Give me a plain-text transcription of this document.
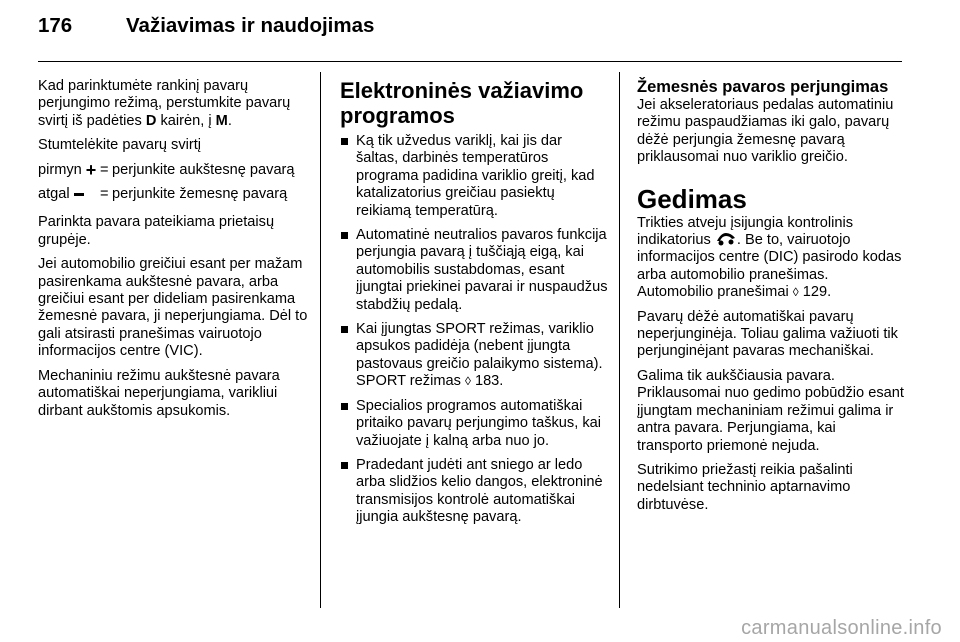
176	Važiavimas ir naudojimas

Kad parinktumėte rankinį pavarų perjungimo režimą, perstumkite pavarų svirtį iš padėties D kairėn, į M.

Stumtelėkite pavarų svirtį

pirmyn + = perjunkite aukštesnę pavarą
atgal = perjunkite žemesnę pavarą

Parinkta pavara pateikiama prietaisų grupėje.

Jei automobilio greičiui esant per mažam pasirenkama aukštesnė pavara, arba greičiui esant per dideliam pasirenkama žemesnė pavara, ji neperjungiama. Dėl to gali atsirasti pranešimas vairuotojo informacijos centre (VIC).

Mechaniniu režimu aukštesnė pavara automatiškai neperjungiama, varikliui dirbant aukštomis apsukomis.

Elektroninės važiavimo programos
Ką tik užvedus variklį, kai jis dar šaltas, darbinės temperatūros programa padidina variklio greitį, kad katalizatorius greičiau pasiektų reikiamą temperatūrą.
Automatinė neutralios pavaros funkcija perjungia pavarą į tuščiąją eigą, kai automobilis sustabdomas, esant įjungtai priekinei pavarai ir nuspaudžus stabdžių pedalą.
Kai įjungtas SPORT režimas, variklio apsukos padidėja (nebent įjungta pastovaus greičio palaikymo sistema). SPORT režimas ◊ 183.
Specialios programos automatiškai pritaiko pavarų perjungimo taškus, kai važiuojate į kalną arba nuo jo.
Pradedant judėti ant sniego ar ledo arba slidžios kelio dangos, elektroninė transmisijos kontrolė automatiškai įjungia aukštesnę pavarą.
Žemesnės pavaros perjungimas

Jei akseleratoriaus pedalas automatiniu režimu paspaudžiamas iki galo, pavarų dėžė perjungia žemesnę pavarą priklausomai nuo variklio greičio.

Gedimas

Trikties atveju įsijungia kontrolinis indikatorius . Be to, vairuotojo informacijos centre (DIC) pasirodo kodas arba automobilio pranešimas. Automobilio pranešimai ◊ 129.

Pavarų dėžė automatiškai pavarų neperjunginėja. Toliau galima važiuoti tik perjunginėjant pavaras mechaniškai.

Galima tik aukščiausia pavara. Priklausomai nuo gedimo pobūdžio esant įjungtam mechaniniam režimui galima ir antra pavara. Perjungiama, kai transporto priemonė nejuda.

Sutrikimo priežastį reikia pašalinti nedelsiant techninio aptarnavimo dirbtuvėse.

carmanualsonline.info
